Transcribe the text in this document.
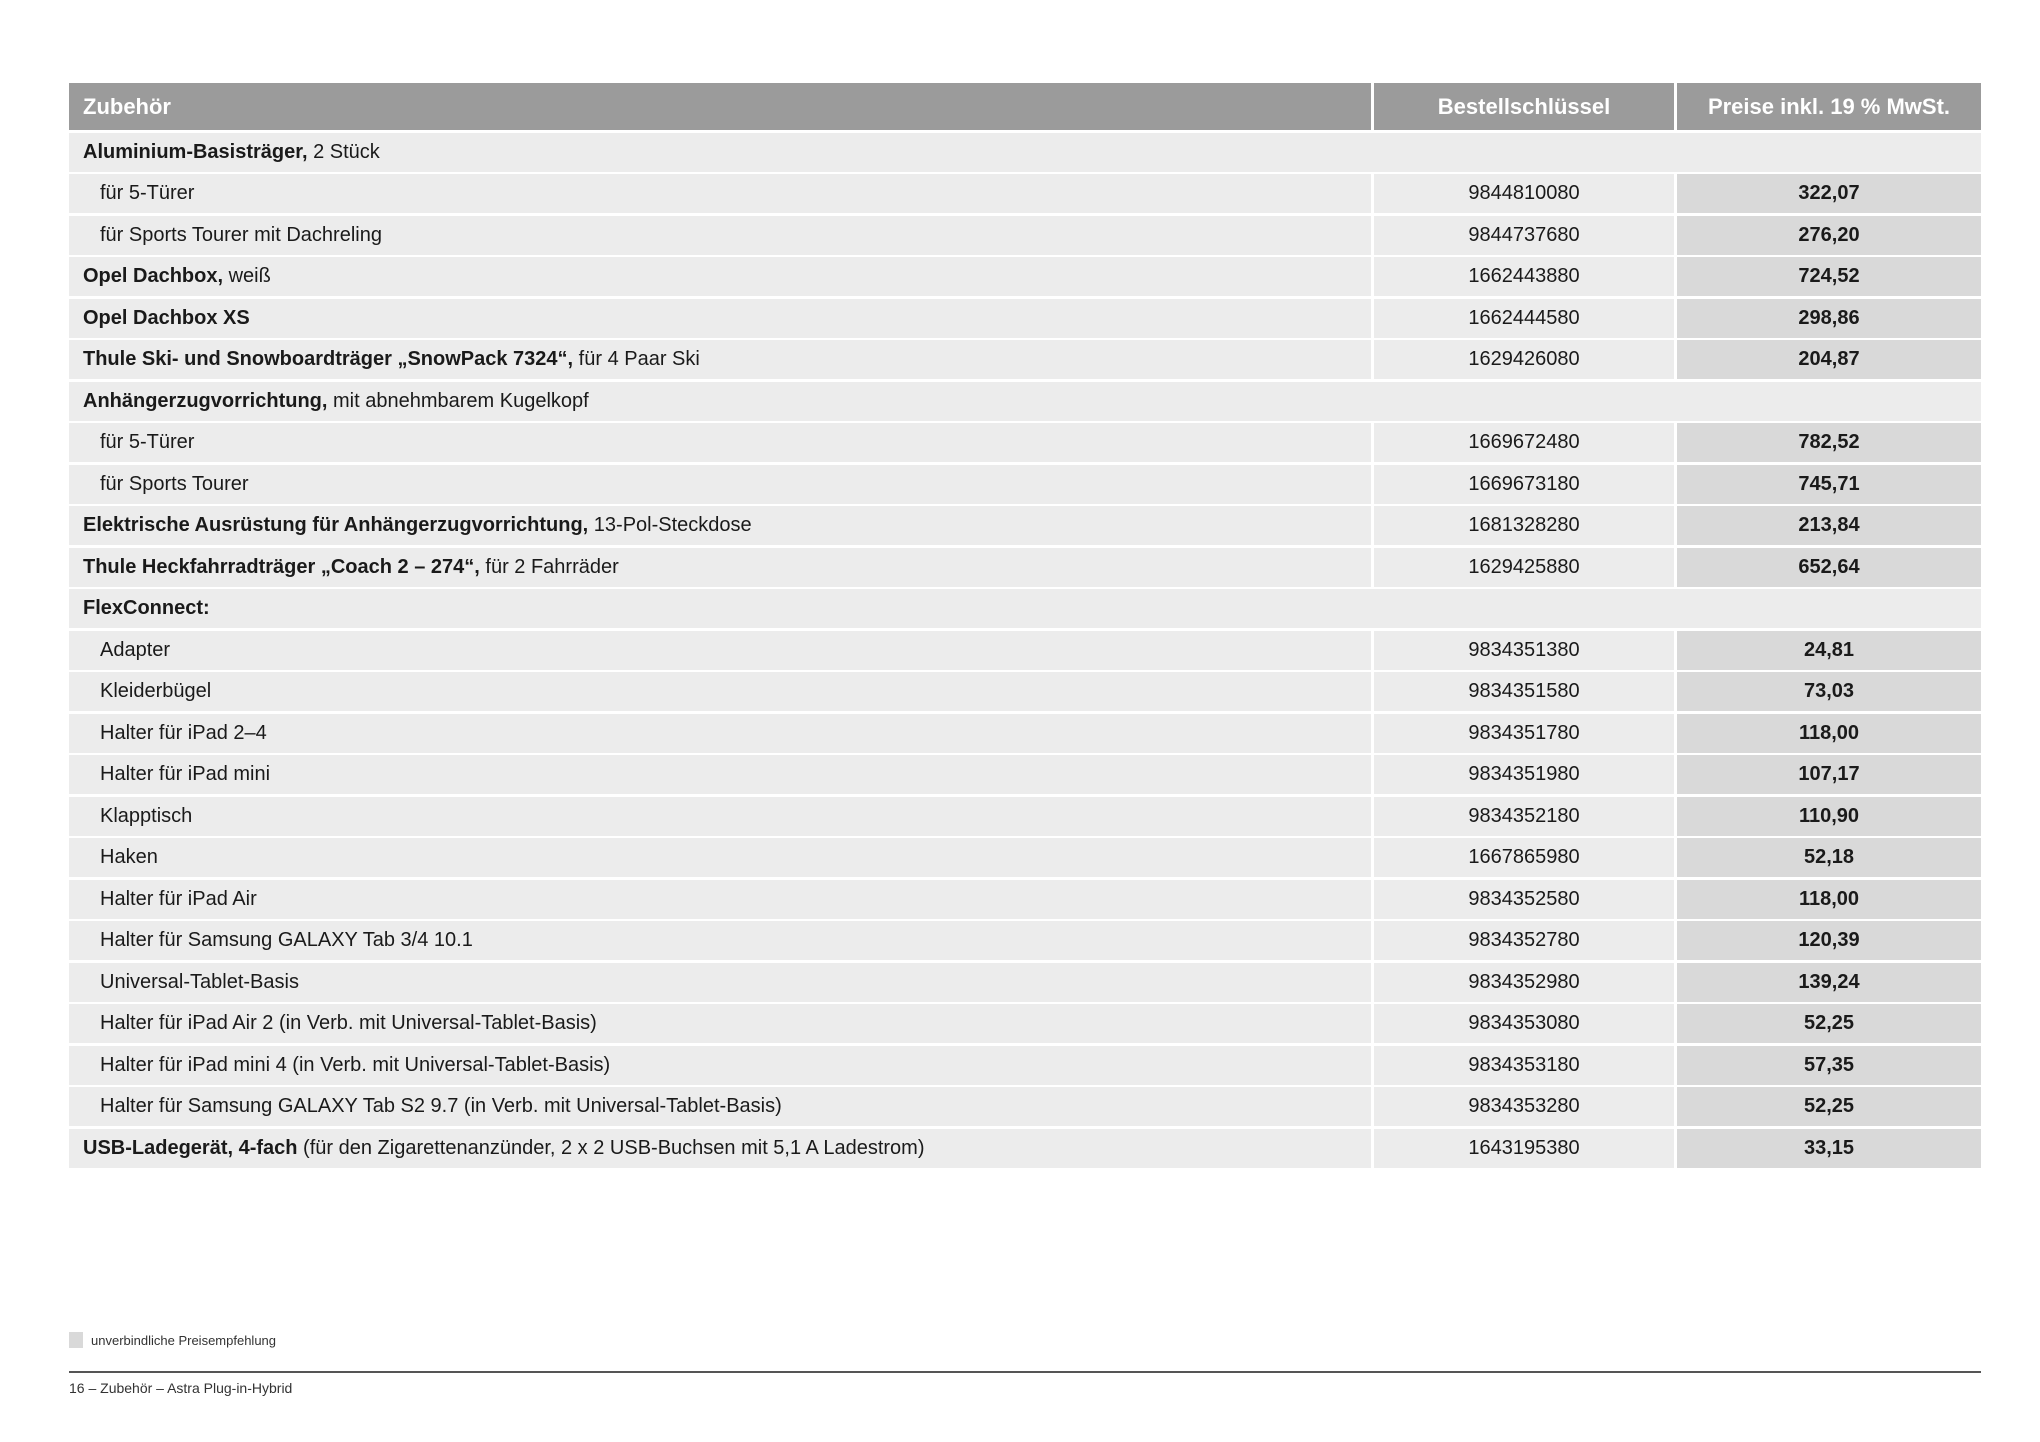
Zubehör	Bestellschlüssel	Preise inkl. 19 % MwSt.
Aluminium-Basisträger, 2 Stück
für 5-Türer	9844810080	322,07
für Sports Tourer mit Dachreling	9844737680	276,20
Opel Dachbox, weiß	1662443880	724,52
Opel Dachbox XS	1662444580	298,86
Thule Ski- und Snowboardträger „SnowPack 7324“, für 4 Paar Ski	1629426080	204,87
Anhängerzugvorrichtung, mit abnehmbarem Kugelkopf
für 5-Türer	1669672480	782,52
für Sports Tourer	1669673180	745,71
Elektrische Ausrüstung für Anhängerzugvorrichtung, 13-Pol-Steckdose	1681328280	213,84
Thule Heckfahrradträger „Coach 2 – 274“, für 2 Fahrräder	1629425880	652,64
FlexConnect:
Adapter	9834351380	24,81
Kleiderbügel	9834351580	73,03
Halter für iPad 2–4	9834351780	118,00
Halter für iPad mini	9834351980	107,17
Klapptisch	9834352180	110,90
Haken	1667865980	52,18
Halter für iPad Air	9834352580	118,00
Halter für Samsung GALAXY Tab 3/4 10.1	9834352780	120,39
Universal-Tablet-Basis	9834352980	139,24
Halter für iPad Air 2 (in Verb. mit Universal-Tablet-Basis)	9834353080	52,25
Halter für iPad mini 4 (in Verb. mit Universal-Tablet-Basis)	9834353180	57,35
Halter für Samsung GALAXY Tab S2 9.7 (in Verb. mit Universal-Tablet-Basis)	9834353280	52,25
USB-Ladegerät, 4-fach (für den Zigarettenanzünder, 2 x 2 USB-Buchsen mit 5,1 A Ladestrom)	1643195380	33,15
unverbindliche Preisempfehlung
16 – Zubehör – Astra Plug-in-Hybrid
